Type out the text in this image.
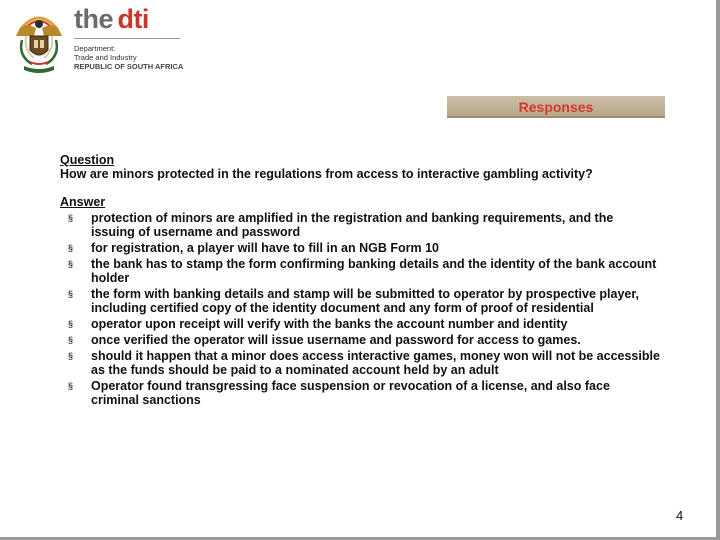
the dti
Department:
Trade and Industry
REPUBLIC OF SOUTH AFRICA
Responses
Question

How are minors protected in the regulations from access to interactive gambling activity?

Answer
§ protection of minors are amplified in the registration and banking requirements, and the issuing of username and password
§ for registration, a player will have to fill in an NGB Form 10
§ the bank has to stamp the form confirming banking details and the identity of the bank account holder
§ the form with banking details and stamp will be submitted to operator by prospective player, including certified copy of the identity document and any form of proof of residential
§ operator upon receipt will verify with the banks the account number and identity
§ once verified the operator will issue username and password for access to games.
§ should it happen that a minor does access interactive games, money won will not be accessible as the funds should be paid to a nominated account held by an adult
§ Operator found transgressing face suspension or revocation of a license, and also face criminal sanctions
4
